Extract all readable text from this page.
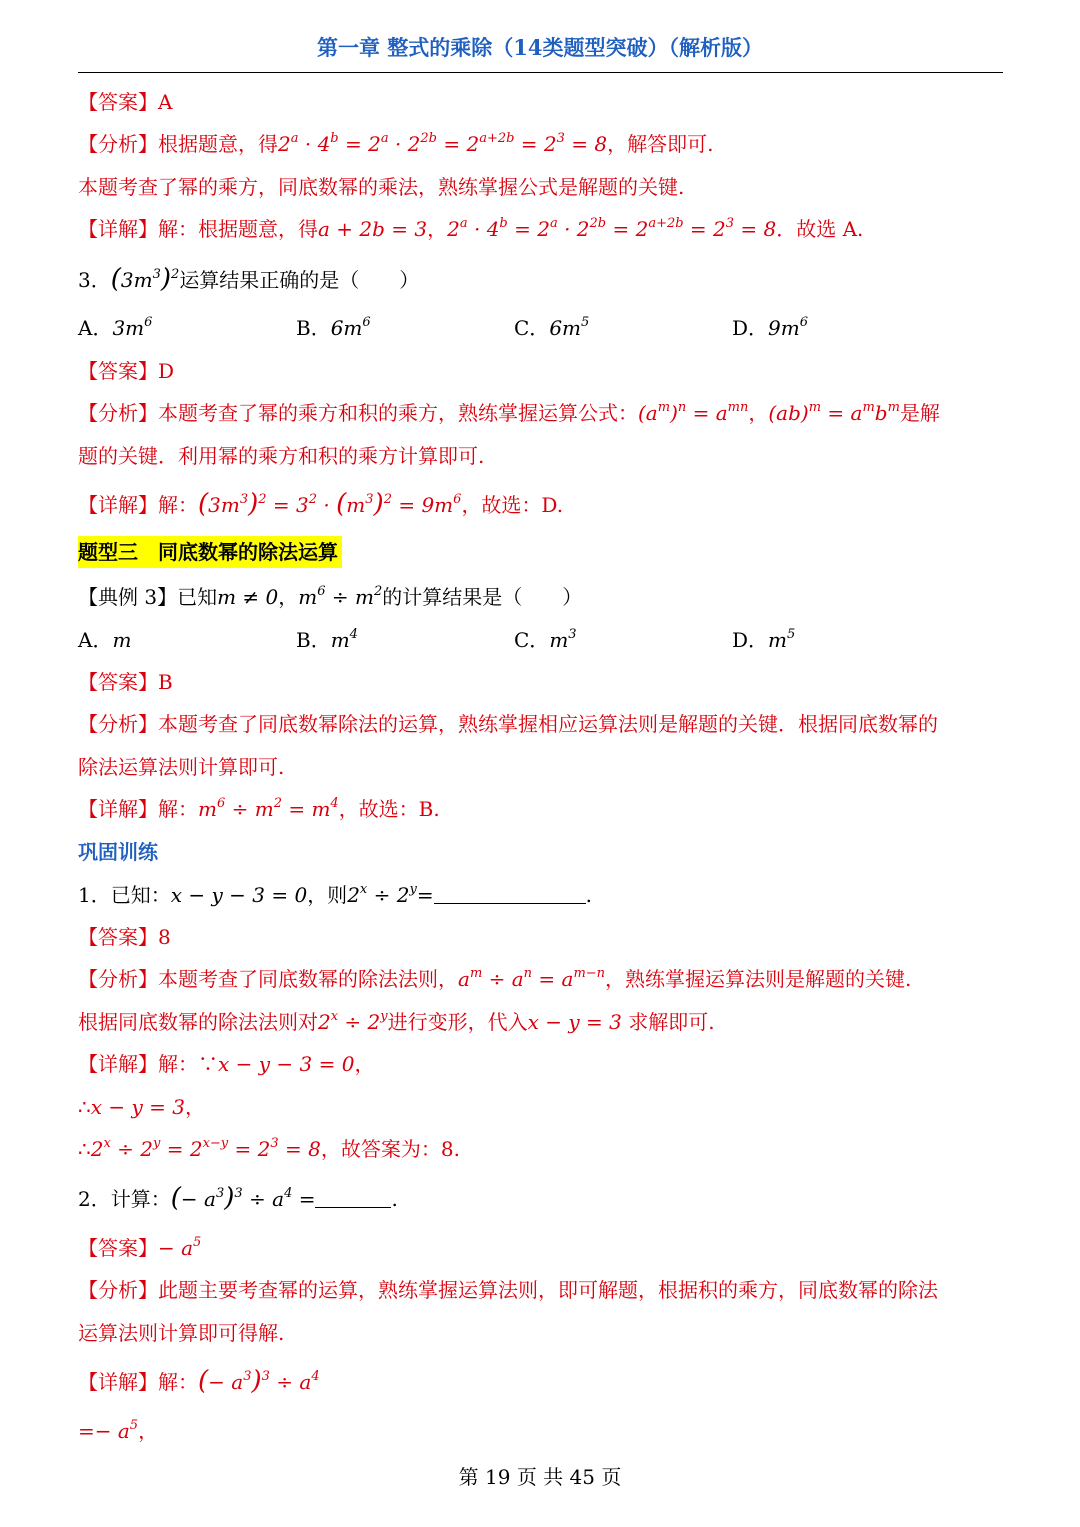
第一章 整式的乘除（14类题型突破）（解析版）
【答案】A
【分析】根据题意，得$2^a \cdot 4^b = 2^a \cdot 2^{2b} = 2^{a+2b} = 2^3 = 8$，解答即可.
本题考查了幂的乘方，同底数幂的乘法，熟练掌握公式是解题的关键.
【详解】解：根据题意，得a + 2b = 3，$2^a \cdot 4^b = 2^a \cdot 2^{2b} = 2^{a+2b} = 2^3 = 8$．故选 A.
3．$(3m^3)^2$运算结果正确的是（　　）
A．$3m^6$	B．$6m^6$	C．$6m^5$	D．$9m^6$
【答案】D
【分析】本题考查了幂的乘方和积的乘方，熟练掌握运算公式：$(a^m)^n = a^{mn}$，$(ab)^m = a^mb^m$是解
题的关键．利用幂的乘方和积的乘方计算即可.
【详解】解：$(3m^3)^2 = 3^2 \cdot (m^3)^2 = 9m^6$，故选：D.
题型三　同底数幂的除法运算
【典例 3】已知m ≠ 0，$m^6 \div m^2$的计算结果是（　　）
A．m	B．$m^4$	C．$m^3$	D．$m^5$
【答案】B
【分析】本题考查了同底数幂除法的运算，熟练掌握相应运算法则是解题的关键．根据同底数幂的
除法运算法则计算即可.
【详解】解：$m^6 \div m^2 = m^4$，故选：B.
巩固训练
1．已知：x − y − 3 = 0，则$2^x \div 2^y=$	.
【答案】8
【分析】本题考查了同底数幂的除法法则，$a^m \div a^n = a^{m-n}$，熟练掌握运算法则是解题的关键.
根据同底数幂的除法法则对$2^x \div 2^y$进行变形，代入x − y = 3 求解即可.
【详解】解：∵x − y − 3 = 0，
∴x − y = 3，
$\therefore 2^x \div 2^y = 2^{x-y} = 2^3 = 8$，故答案为：8.
2．计算：(− $a^3)^3 \div a^4$ =	.
【答案】− $a^5$
【分析】此题主要考查幂的运算，熟练掌握运算法则，即可解题，根据积的乘方，同底数幂的除法
运算法则计算即可得解.
【详解】解：(− $a^3)^3 \div a^4$
=− $a^5$，
第 19 页 共 45 页
